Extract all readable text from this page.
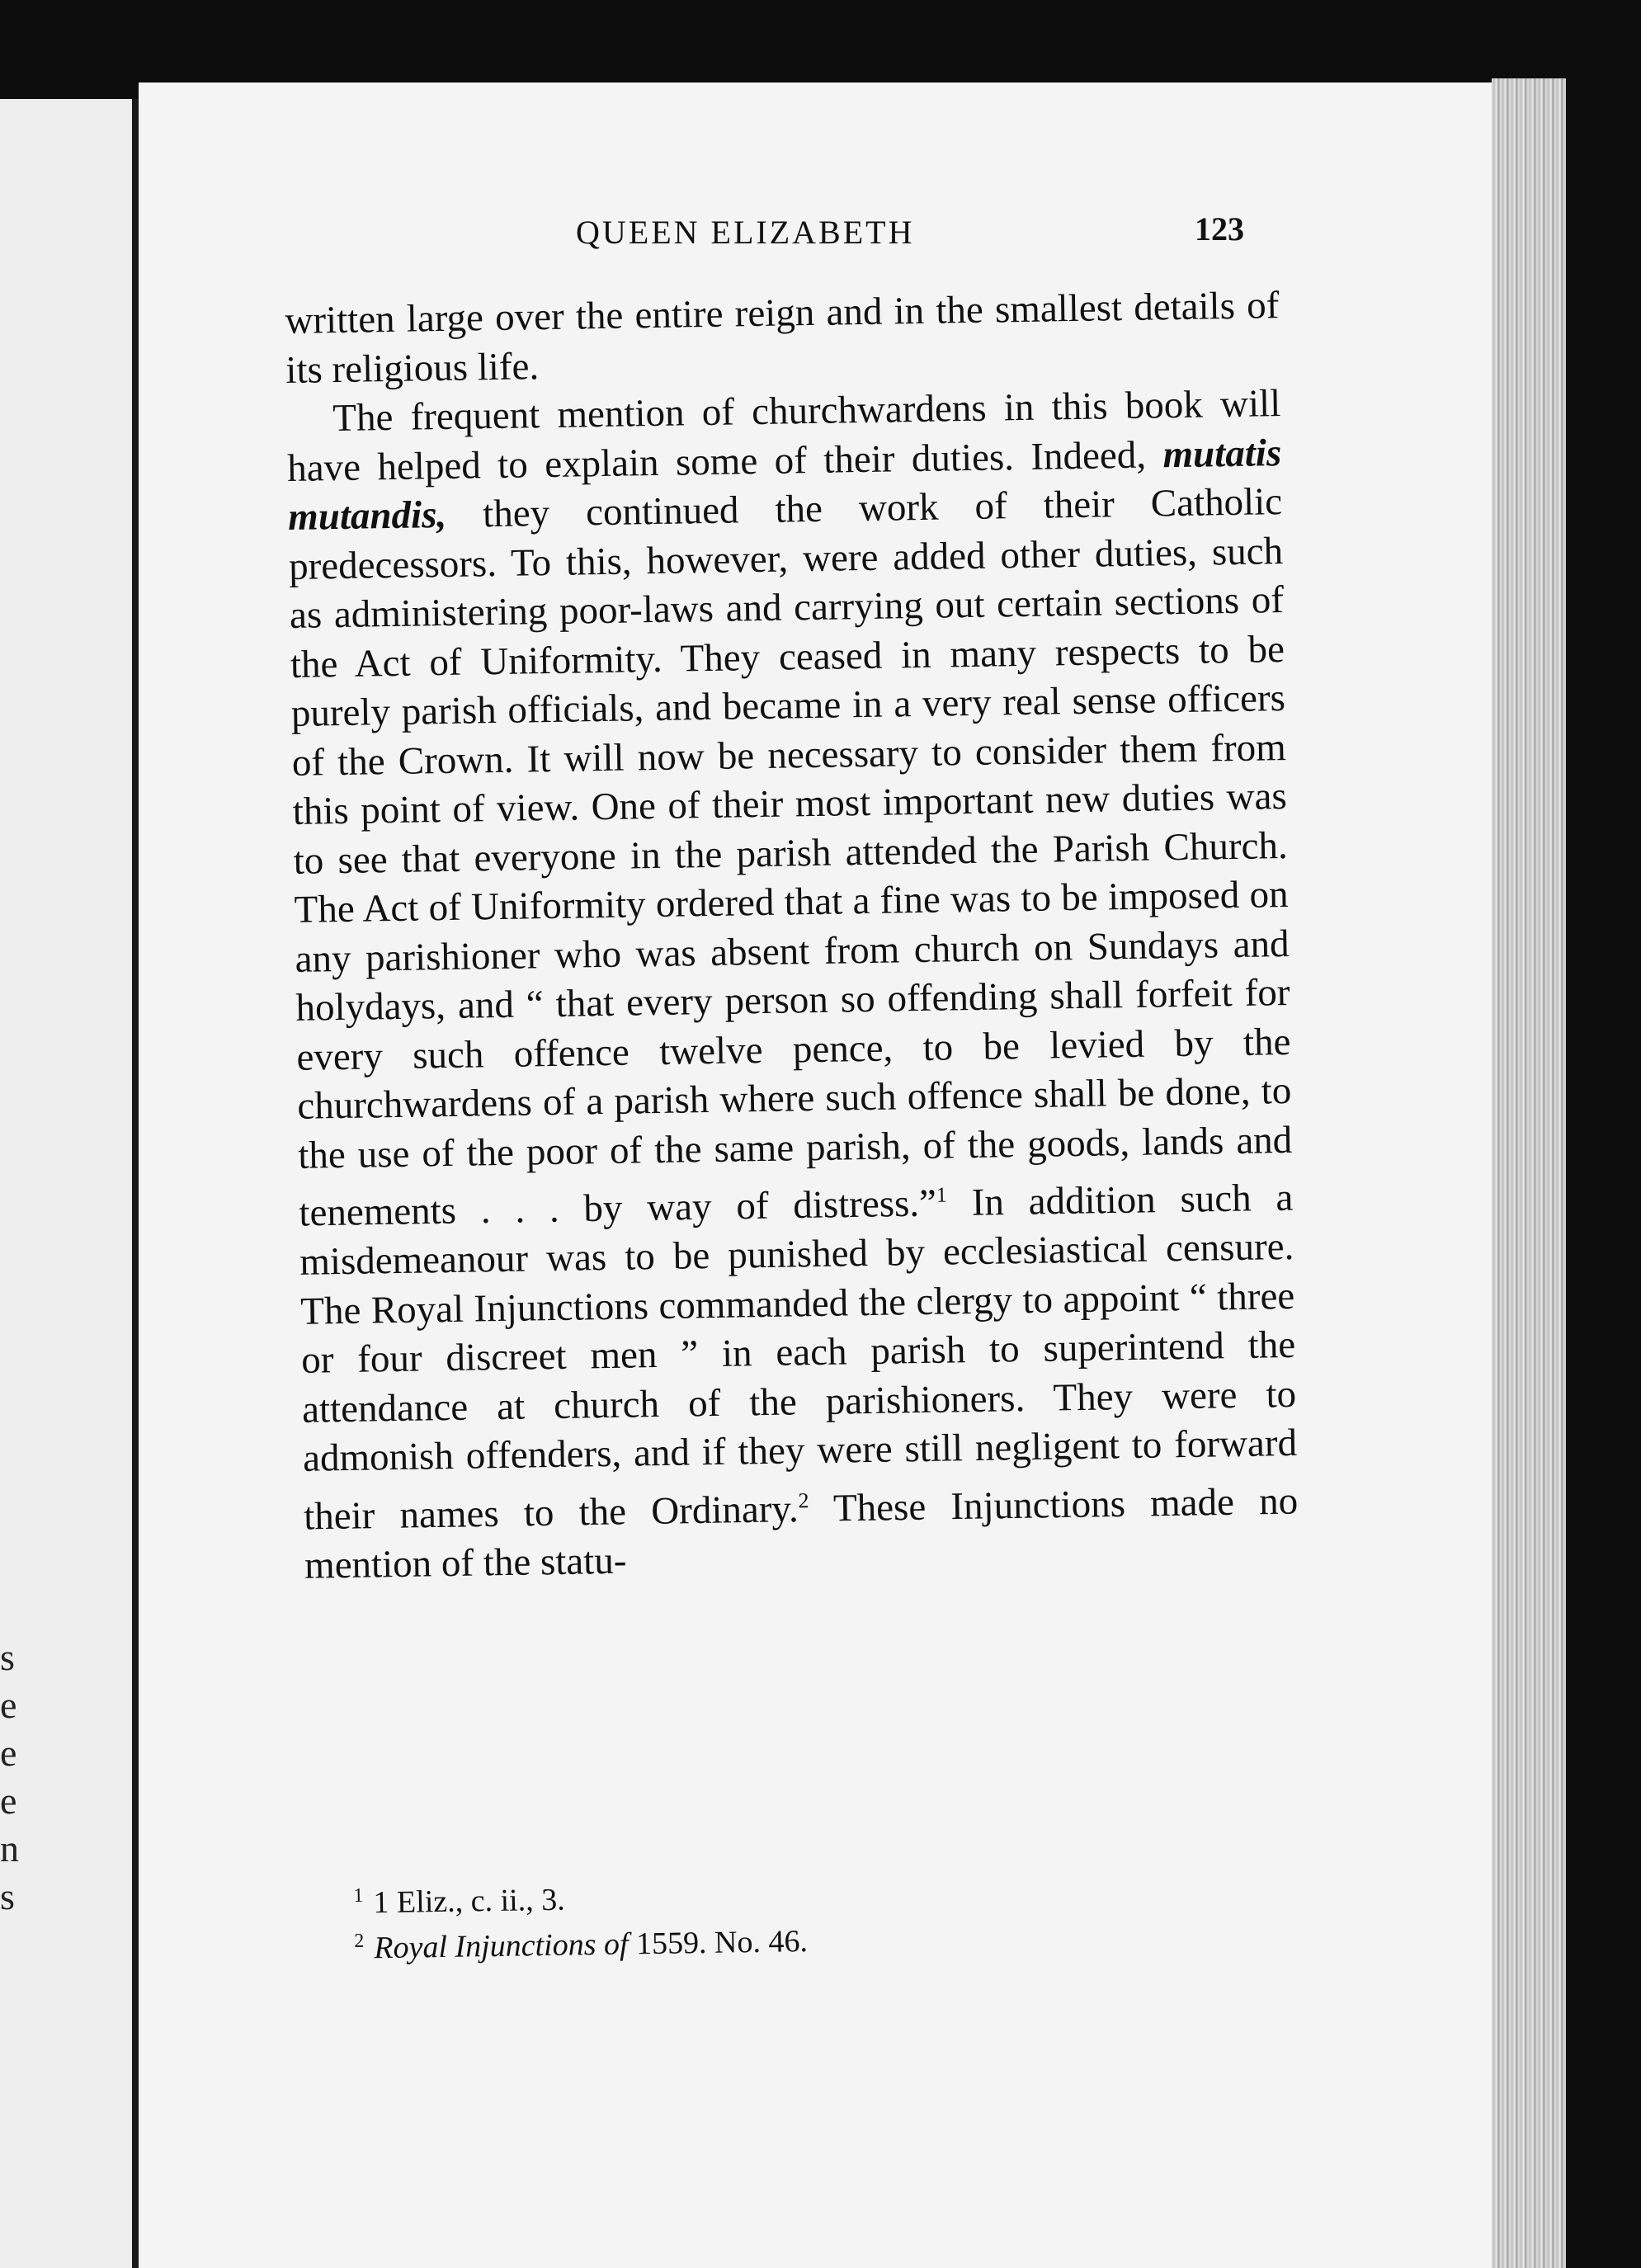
s
e
e
e
n
s
QUEEN ELIZABETH	123

written large over the entire reign and in the smallest details of its religious life.

The frequent mention of churchwardens in this book will have helped to explain some of their duties. Indeed, mutatis mutandis, they continued the work of their Catholic predecessors. To this, however, were added other duties, such as administering poor-laws and carrying out certain sections of the Act of Uniformity. They ceased in many respects to be purely parish officials, and became in a very real sense officers of the Crown. It will now be necessary to consider them from this point of view. One of their most important new duties was to see that everyone in the parish attended the Parish Church. The Act of Uniformity ordered that a fine was to be imposed on any parishioner who was absent from church on Sundays and holydays, and “ that every person so offending shall forfeit for every such offence twelve pence, to be levied by the churchwardens of a parish where such offence shall be done, to the use of the poor of the same parish, of the goods, lands and tenements . . . by way of distress.”$^1$ In addition such a misdemeanour was to be punished by ecclesiastical censure. The Royal Injunctions commanded the clergy to appoint “ three or four discreet men ” in each parish to superintend the attendance at church of the parishioners. They were to admonish offenders, and if they were still negligent to forward their names to the Ordinary.$^2$ These Injunctions made no mention of the statu-

$^1$ 1 Eliz., c. ii., 3.
$^2$ Royal Injunctions of 1559. No. 46.
